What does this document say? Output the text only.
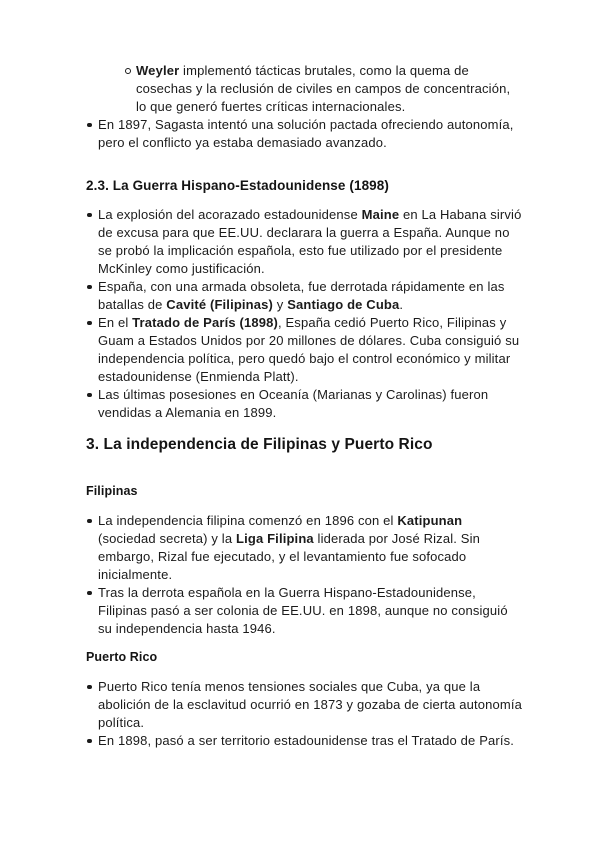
Weyler implementó tácticas brutales, como la quema de cosechas y la reclusión de civiles en campos de concentración, lo que generó fuertes críticas internacionales.
En 1897, Sagasta intentó una solución pactada ofreciendo autonomía, pero el conflicto ya estaba demasiado avanzado.
2.3. La Guerra Hispano-Estadounidense (1898)
La explosión del acorazado estadounidense Maine en La Habana sirvió de excusa para que EE.UU. declarara la guerra a España. Aunque no se probó la implicación española, esto fue utilizado por el presidente McKinley como justificación.
España, con una armada obsoleta, fue derrotada rápidamente en las batallas de Cavité (Filipinas) y Santiago de Cuba.
En el Tratado de París (1898), España cedió Puerto Rico, Filipinas y Guam a Estados Unidos por 20 millones de dólares. Cuba consiguió su independencia política, pero quedó bajo el control económico y militar estadounidense (Enmienda Platt).
Las últimas posesiones en Oceanía (Marianas y Carolinas) fueron vendidas a Alemania en 1899.
3. La independencia de Filipinas y Puerto Rico
Filipinas
La independencia filipina comenzó en 1896 con el Katipunan (sociedad secreta) y la Liga Filipina liderada por José Rizal. Sin embargo, Rizal fue ejecutado, y el levantamiento fue sofocado inicialmente.
Tras la derrota española en la Guerra Hispano-Estadounidense, Filipinas pasó a ser colonia de EE.UU. en 1898, aunque no consiguió su independencia hasta 1946.
Puerto Rico
Puerto Rico tenía menos tensiones sociales que Cuba, ya que la abolición de la esclavitud ocurrió en 1873 y gozaba de cierta autonomía política.
En 1898, pasó a ser territorio estadounidense tras el Tratado de París.
